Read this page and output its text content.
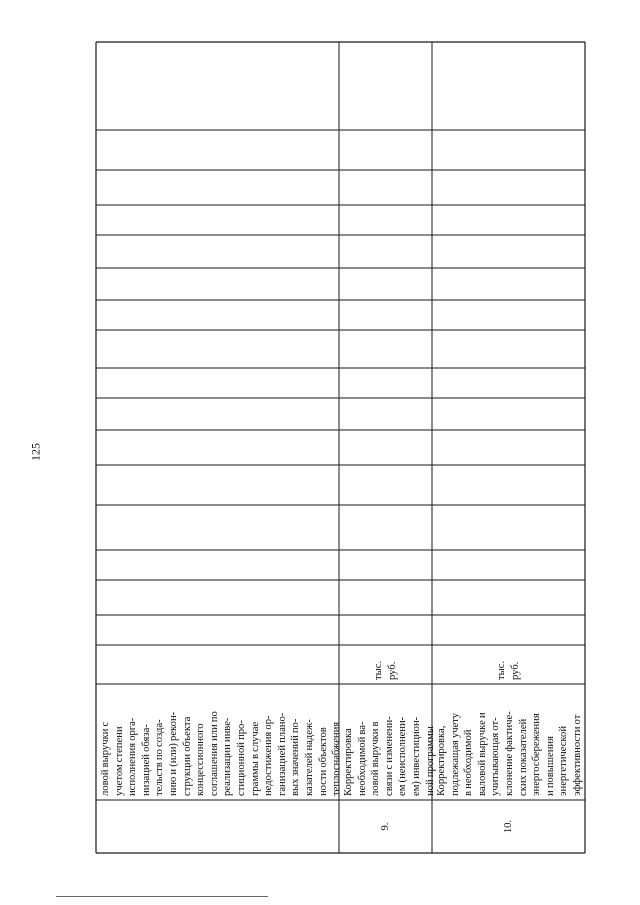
125
ловой выручки с учетом степени исполнения орга- низацией обяза- тельств по созда- нию и (или) рекон- струкции объекта концессионного соглашения или по реализации инве- стиционной про- граммы в случае недостижения ор- ганизацией плано- вых значений по- казателей надеж- ности объектов теплоснабжения
9.
Корректировка необходимой ва- ловой выручки в связи с изменени- ем (неисполнени- ем) инвестицион- ной программы
тыс. руб.
10.
Корректировка, подлежащая учету в необходимой валовой выручке и учитывающая от- клонение фактиче- ских показателей энергосбережения и повышения энергетической эффективности от
тыс. руб.
